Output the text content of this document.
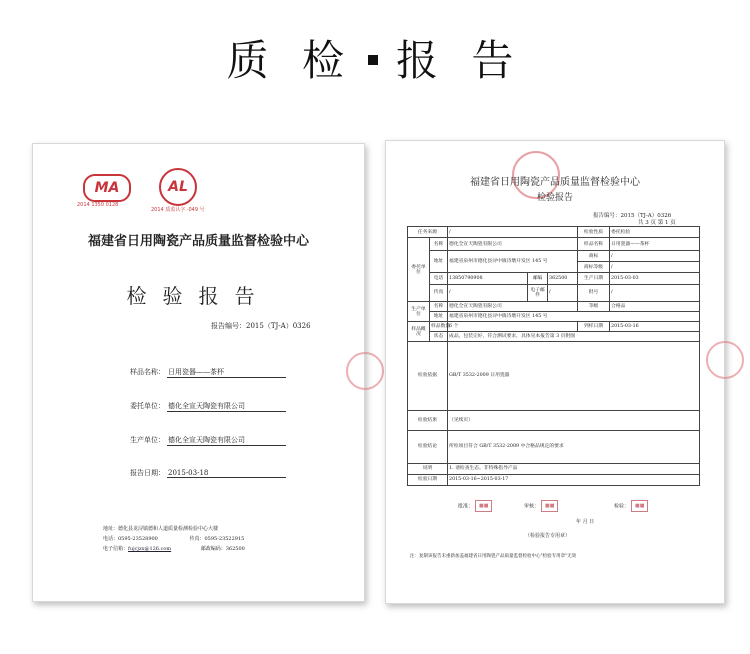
质 检 报 告
MA
2014 1350 0128
AL
2014 质监认字 ·049 号
福建省日用陶瓷产品质量监督检验中心
检验报告
报告编号：2015（TJ-A）0326
样品名称： 日用瓷器——茶杯
委托单位： 德化全宣天陶瓷有限公司
生产单位： 德化全宣天陶瓷有限公司
报告日期： 2015-03-18
地址：德化县龙浔镇德和人道质量检测检验中心大楼
电话：0595-23528900	传真：0595-23522915
电子信箱：fujcjzx@126.com	邮政编码：362500
福建省日用陶瓷产品质量监督检验中心
检验报告
报告编号：2015（TJ-A）0326
共 3 页 第 1 页
任务来源		/			检验性质	委托检验
委托单位	名称	德化全宣天陶瓷有限公司			样品名称	日用瓷器——茶杯
	地址	福建省泉州市德化县浔中镇诗墩开发区 145 号			商标	/
					商标等级	/
	电话	13850790908	邮编	362500	生产日期	2015-03-03
	传真	/	电子邮件	/	批号	/
生产单位	名称	德化全宣天陶瓷有限公司			等级	合格品
	地址	福建省泉州市德化县浔中镇诗墩开发区 145 号				
样品概况	样品数量	6 个			到样日期	2015-03-16
	状态	成品，包装完好，符合测试要求，具体见本报告第 3 页附图				
检验依据		GB/T 3532-2009 日用瓷器				
检验结果		（见续页）				
检验结论		所检项目符合 GB/T 3532-2009 中合格品规定的要求				
说明		1. 请检查生态。非特殊指导产品				
检验日期		2015-03-16~2015-03-17				
批准： ■■	审核： ■■	检验： ■■
年 月 日
（检验报告专用章）
注：复制该报告未重新加盖福建省日用陶瓷产品质量监督检验中心"检验专用章"无效
